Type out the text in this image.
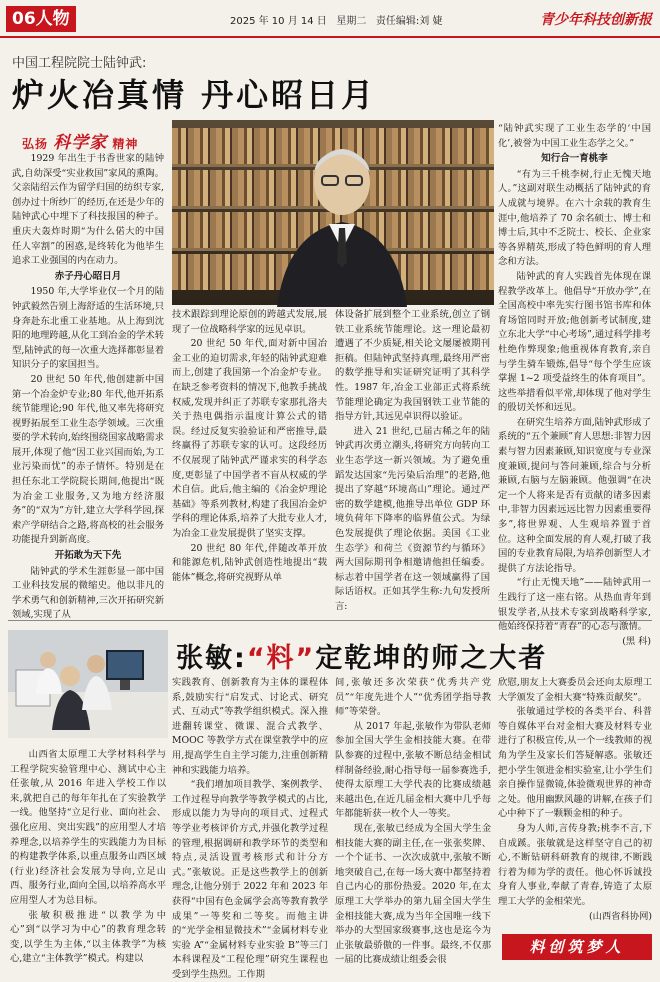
06人物	2025 年 10 月 14 日 星期二 责任编辑:刘 婕	青少年科技创新报
中国工程院院士陆钟武:
炉火冶真情 丹心昭日月
弘扬 科学家 精神

1929 年出生于书香世家的陆钟武,自幼深受“实业救国”家风的熏陶。父亲陆绍云作为留学归国的纺织专家,创办过十所纱厂的经历,在还是少年的陆钟武心中埋下了科技报国的种子。重庆大轰炸时期“为什么偌大的中国任人宰割”的困惑,是终转化为他毕生追求工业强国的内在动力。

赤子丹心昭日月

1950 年,大学毕业仅一个月的陆钟武毅然告别上海舒适的生活环境,只身奔赴东北重工业基地。从上海到沈阳的地理跨越,从化工到冶金的学术转型,陆钟武的每一次重大选择都彰显着知识分子的家国担当。

20 世纪 50 年代,他创建新中国第一个冶金炉专业;80 年代,他开拓系统节能理论;90 年代,他又率先将研究视野拓展至工业生态学领域。三次重要的学术转向,始终围绕国家战略需求展开,体现了他“因工业兴国而始,为工业污染而忧”的赤子情怀。特别是在担任东北工学院院长期间,他提出“既为冶金工业服务,又为地方经济服务”的“双为”方针,建立大学科学园,探索产学研结合之路,将高校的社会服务功能提升到新高度。

开拓敢为天下先

陆钟武的学术生涯彰显一部中国工业科技发展的微缩史。他以非凡的学术勇气和创新精神,三次开拓研究新领域,实现了从

技术跟踪到理论原创的跨越式发展,展现了一位战略科学家的远见卓识。

20 世纪 50 年代,面对新中国冶金工业的迫切需求,年轻的陆钟武迎难而上,创建了我国第一个冶金炉专业。在缺乏参考资料的情况下,他教手挑战权威,发现并纠正了苏联专家那扎洛夫关于热电偶指示温度计算公式的错误。经过反复实验验证和严密推导,最终赢得了苏联专家的认可。这段经历不仅展现了陆钟武严谨求实的科学态度,更彰显了中国学者不盲从权威的学术自信。此后,他主编的《冶金炉理论基础》等系列教材,构建了我国冶金炉学科的理论体系,培养了大批专业人才,为冶金工业发展提供了坚实支撑。

20 世纪 80 年代,伴随改革开放和能源危机,陆钟武创造性地提出“载能体”概念,将研究视野从单

体设备扩展到整个工业系统,创立了钢铁工业系统节能理论。这一理论最初遭遇了不少质疑,相关论文屡屡被期刊拒稿。但陆钟武坚持真理,最终用严密的数学推导和实证研究证明了其科学性。1987 年,冶金工业部正式将系统节能理论确定为我国钢铁工业节能的指导方针,其远见卓识得以验证。

进入 21 世纪,已届古稀之年的陆钟武再次勇立潮头,将研究方向转向工业生态学这一新兴领域。为了避免重蹈发达国家“先污染后治理”的老路,他提出了穿越“环境高山”理论。通过严密的数学建模,他推导出单位 GDP 环境负荷年下降率的临界值公式。为绿色发展提供了理论依据。美国《工业生态学》和荷兰《资源节约与循环》两大国际期刊争相邀请他担任编委。标志着中国学者在这一领域赢得了国际话语权。正如其学生称:九旬发授所言:

“陆钟武实现了工业生态学的‘中国化’,被誉为中国工业生态学之父。”

知行合一育桃李

“有为三千桃李树,行止无愧天地人。”这副对联生动概括了陆钟武的育人成就与境界。在六十余载的教育生涯中,他培养了 70 余名硕士、博士和博士后,其中不乏院士、校长、企业家等各界精英,形成了特色鲜明的育人理念和方法。

陆钟武的育人实践首先体现在课程教学改革上。他倡导“开放办学”,在全国高校中率先实行图书馆书库和体育场馆同时开放;他创新考试制度,建立东北大学“中心考场”,通过科学排考杜绝作弊现象;他重视体育教育,亲自与学生骑车锻炼,倡导“每个学生应该掌握 1~2 项受益终生的体育项目”。这些举措看似平常,却体现了他对学生的殷切关怀和远见。

在研究生培养方面,陆钟武形成了系统的“五个兼顾”育人思想:非智力因素与智力因素兼顾,知识宽度与专业深度兼顾,提问与答问兼顾,综合与分析兼顾,右脑与左脑兼顾。他强调“在决定一个人将来是否有贡献的诸多因素中,非智力因素远远比智力因素重要得多”,将世界观、人生观培养置于首位。这种全面发展的育人观,打破了我国的专业教育局限,为培养创新型人才提供了方法论指导。

“行止无愧天地”——陆钟武用一生践行了这一座右铭。从热血青年到银发学者,从技术专家到战略科学家,他始终保持着“青春”的心态与激情。

(黑 科)

张敏:“料”定乾坤的师之大者

山西省太原理工大学材料科学与工程学院实验管理中心、测试中心主任张敏,从 2016 年进入学校工作以来,就把自己的每年年扎在了实验教学一线。他坚持“立足行业、面向社会、强化应用、突出实践”的应用型人才培养理念,以培养学生的实践能力为目标的构建教学体系,以重点服务山西区域(行业)经济社会发展为导向,立足山西、服务行业,面向全国,以培养高水平应用型人才为总目标。

张敏积极推进“以教学为中心”到“以学习为中心”的教育理念转变,以学生为主体,“以主体教学”为核心,建立“主体教学”模式。构建以

实践教育、创新教育为主体的课程体系,鼓励实行“启发式、讨论式、研究式、互动式”等教学组织模式。深入推进翻转课堂、微课、混合式教学、MOOC 等教学方式在课堂教学中的应用,提高学生自主学习能力,注重创新精神和实践能力培养。

“我们增加项目教学、案例教学、工作过程导向教学等教学模式的占比,形成以能力为导向的项目式、过程式等学业考核评价方式,并强化教学过程的管理,根据调研和教学环节的类型和特点,灵活设置考核形式和计分方式。”张敏说。正是这些教学上的创新理念,让他分别于 2022 年和 2023 年获得“中国有色金属学会高等教育教学成果”一等奖和二等奖。而他主讲的“光学金相显微技术”“金属材料专业实验 A”“金属材料专业实验 B”等三门本科课程及“工程伦理”研究生课程也受到学生热烈。工作期

间,张敏还多次荣获“优秀共产党员”“年度先进个人”“优秀团学指导教师”等荣誉。

从 2017 年起,张敏作为带队老师参加全国大学生金相技能大赛。在带队参赛的过程中,张敏不断总结金相试样制备经验,耐心指导每一届参赛选手,使得太原理工大学代表的比赛成绩越来越出色,在近几届金相大赛中几乎每年都能斩获一枚个人一等奖。

现在,张敏已经成为全国大学生金相技能大赛的副主任,在一张张奖牌、一个个证书、一次次成就中,张敏不断地突破自己,在每一场大赛中都坚持着自己内心的那份热爱。2020 年,在太原理工大学举办的第九届全国大学生金相技能大赛,成为当年全国唯一线下举办的大型国家级赛事,这也是迄今为止张敏最骄傲的一件事。最终,不仅那一届的比赛成绩让组委会很

欣慰,朋友上大赛委员会还向太原理工大学颁发了金相大赛“特殊贡献奖”。

张敏通过学校的各类平台、科普等自媒体平台对金相大赛及材料专业进行了积极宣传,从一个一线教师的视角为学生及家长们答疑解惑。张敏还把小学生领进金相实验室,让小学生们亲自操作显微镜,体验微观世界的神奇之处。他用幽默风趣的讲解,在孩子们心中种下了一颗颗金相的种子。

身为人师,言传身教;桃李不言,下自成蹊。张敏就是这样坚守自己的初心,不断钻研科研教育的规律,不断践行着为师为学的责任。他心怀诉诚投身育人事业,奉献了青春,铸造了太原理工大学的金相荣光。

(山西省科协网)

料创筑梦人
